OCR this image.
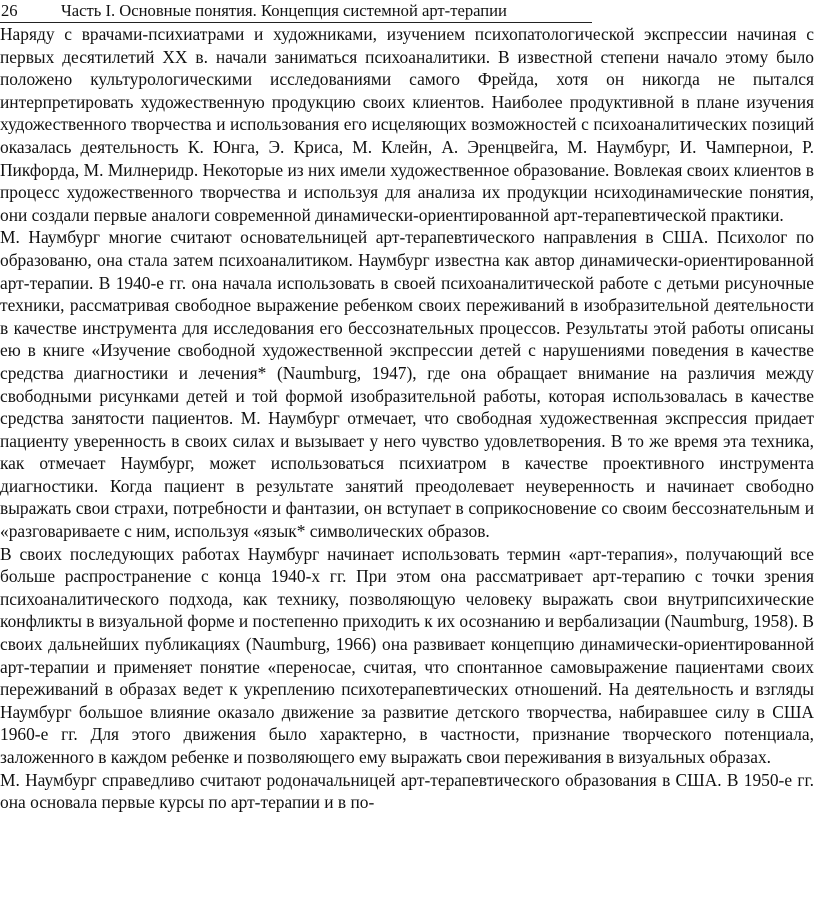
26	Часть I. Основные понятия. Концепция системной арт-терапии

Наряду с врачами-психиатрами и художниками, изучением психопатологической экспрессии начиная с первых десятилетий XX в. начали заниматься психоаналитики. В известной степени начало этому было положено культурологическими исследованиями самого Фрейда, хотя он никогда не пытался интерпретировать художественную продукцию своих клиентов. Наиболее продуктивной в плане изучения художественного творчества и использования его исцеляющих возможностей с психоаналитических позиций оказалась деятельность К. Юнга, Э. Криса, М. Клейн, А. Эренцвейга, М. Наумбург, И. Чампернои, Р. Пикфорда, М. Милнеридр. Некоторые из них имели художественное образование. Вовлекая своих клиентов в процесс художественного творчества и используя для анализа их продукции нсиходинамические понятия, они создали первые аналоги современной динамически-ориентированной арт-терапевтической практики.

М. Наумбург многие считают основательницей арт-терапевтического направления в США. Психолог по образованю, она стала затем психоаналитиком. Наумбург известна как автор динамически-ориентированной арт-терапии. В 1940-е гг. она начала использовать в своей психоаналитической работе с детьми рисуночные техники, рассматривая свободное выражение ребенком своих переживаний в изобразительной деятельности в качестве инструмента для исследования его бессознательных процессов. Результаты этой работы описаны ею в книге «Изучение свободной художественной экспрессии детей с нарушениями поведения в качестве средства диагностики и лечения* (Naumburg, 1947), где она обращает внимание на различия между свободными рисунками детей и той формой изобразительной работы, которая использовалась в качестве средства занятости пациентов. М. Наумбург отмечает, что свободная художественная экспрессия придает пациенту уверенность в своих силах и вызывает у него чувство удовлетворения. В то же время эта техника, как отмечает Наумбург, может использоваться психиатром в качестве проективного инструмента диагностики. Когда пациент в результате занятий преодолевает неуверенность и начинает свободно выражать свои страхи, потребности и фантазии, он вступает в соприкосновение со своим бессознательным и «разговариваете с ним, используя «язык* символических образов.

В своих последующих работах Наумбург начинает использовать термин «арт-терапия», получающий все больше распространение с конца 1940-х гг. При этом она рассматривает арт-терапию с точки зрения психоаналитического подхода, как технику, позволяющую человеку выражать свои внутрипсихические конфликты в визуальной форме и постепенно приходить к их осознанию и вербализации (Naumburg, 1958). В своих дальнейших публикациях (Naumburg, 1966) она развивает концепцию динамически-ориентированной арт-терапии и применяет понятие «переносае, считая, что спонтанное самовыражение пациентами своих переживаний в образах ведет к укреплению психотерапевтических отношений. На деятельность и взгляды Наумбург большое влияние оказало движение за развитие детского творчества, набиравшее силу в США 1960-е гг. Для этого движения было характерно, в частности, признание творческого потенциала, заложенного в каждом ребенке и позволяющего ему выражать свои переживания в визуальных образах.

М. Наумбург справедливо считают родоначальницей арт-терапевтического образования в США. В 1950-е гг. она основала первые курсы по арт-терапии и в по-
